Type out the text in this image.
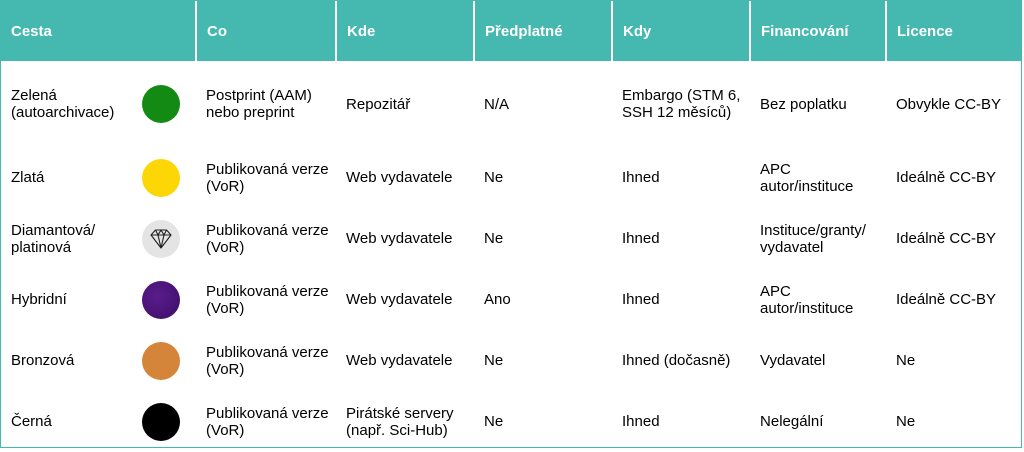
Cesta		Co	Kde	Předplatné	Kdy	Financování	Licence
Zelená (autoarchivace)		Postprint (AAM) nebo preprint	Repozitář	N/A	Embargo (STM 6, SSH 12 měsíců)	Bez poplatku	Obvykle CC-BY
Zlatá		Publikovaná verze (VoR)	Web vydavatele	Ne	Ihned	APC autor/instituce	Ideálně CC-BY
Diamantová/ platinová		Publikovaná verze (VoR)	Web vydavatele	Ne	Ihned	Instituce/granty/ vydavatel	Ideálně CC-BY
Hybridní		Publikovaná verze (VoR)	Web vydavatele	Ano	Ihned	APC autor/instituce	Ideálně CC-BY
Bronzová		Publikovaná verze (VoR)	Web vydavatele	Ne	Ihned (dočasně)	Vydavatel	Ne
Černá		Publikovaná verze (VoR)	Pirátské servery (např. Sci-Hub)	Ne	Ihned	Nelegální	Ne
